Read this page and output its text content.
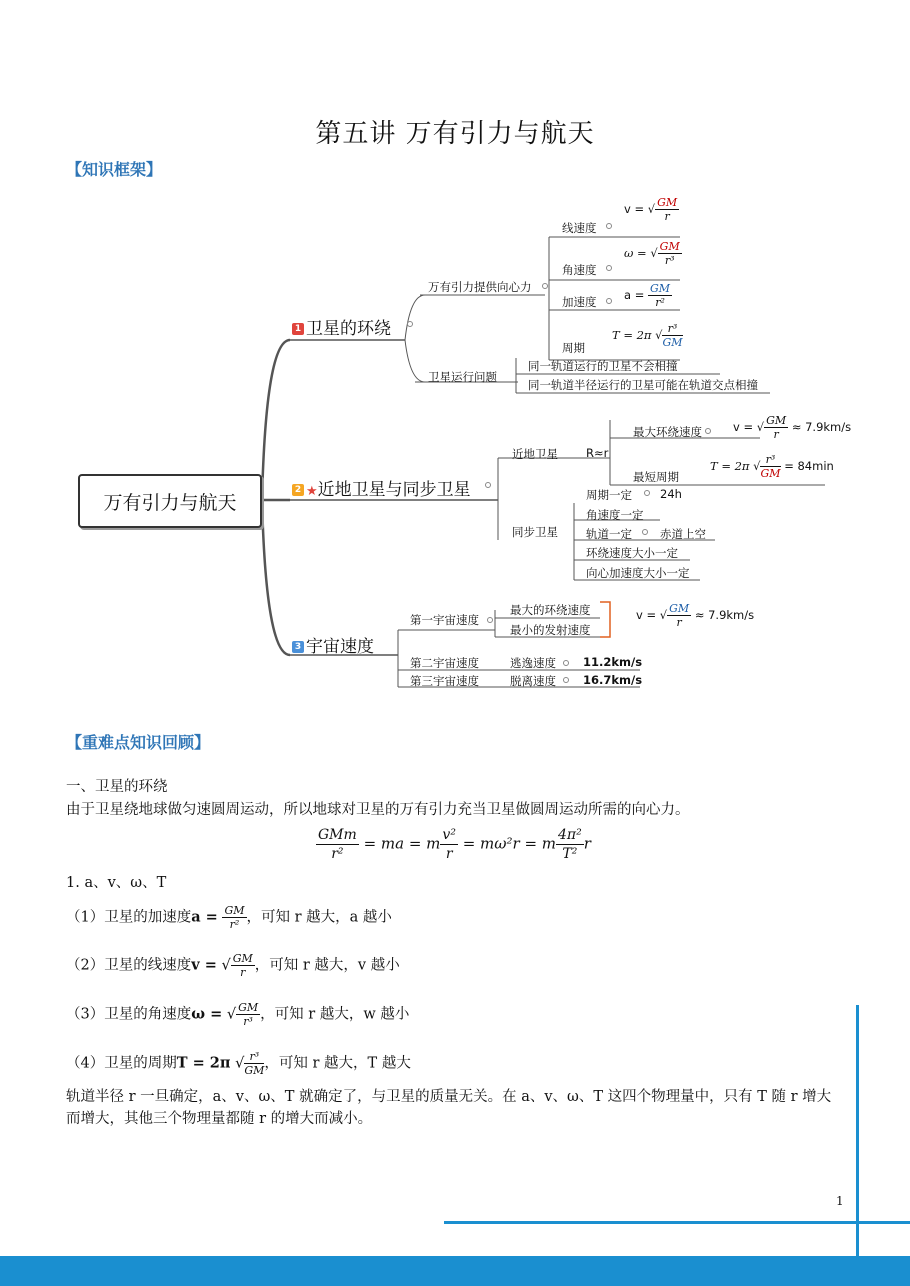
第五讲 万有引力与航天
【知识框架】
万有引力与航天
1 卫星的环绕
2 ★近地卫星与同步卫星
3 宇宙速度
万有引力提供向心力
线速度
角速度
加速度
周期
v = √ $\frac{GM}{r}$
ω = √ $\frac{GM}{\text{r³}}$
$a = \frac{GM}{\text{r²}}$
T = 2π √ $\frac{\text{r³}}{GM}$
卫星运行问题
同一轨道运行的卫星不会相撞
同一轨道半径运行的卫星可能在轨道交点相撞
近地卫星 R≈r
最大环绕速度	v = √ $\frac{GM}{r} \approx 7.9km/s$
最短周期
T = 2π √ $\frac{\text{r³}}{GM} = 84\min$
同步卫星
周期一定 24h
角速度一定
轨道一定 赤道上空
环绕速度大小一定
向心加速度大小一定
第一宇宙速度
最大的环绕速度
最小的发射速度
v = √ $\frac{GM}{r} \approx 7.9km/s$
第二宇宙速度	逃逸速度 11.2km/s
第三宇宙速度	脱离速度 16.7km/s
【重难点知识回顾】
一、卫星的环绕
由于卫星绕地球做匀速圆周运动，所以地球对卫星的万有引力充当卫星做圆周运动所需的向心力。
$\frac{\text{GMm}}{\text{r²}}$ = ma = m $\frac{\text{v²}}{r} = m\omega^2r = m \frac{\text{4π²}}{\text{T²}}$ r
1. a、v、ω、T
（1）卫星的加速度$a = \frac{GM}{\text{r²}}$ ，可知 r 越大，a 越小
（2）卫星的线速度v = √ $\frac{GM}{r}$ ，可知 r 越大，v 越小
（3）卫星的角速度ω = √ $\frac{GM}{\text{r³}}$ ，可知 r 越大，w 越小
（4）卫星的周期T = 2π √ $\frac{\text{r³}}{GM}$ ，可知 r 越大，T 越大
轨道半径 r 一旦确定，a、v、ω、T 就确定了，与卫星的质量无关。在 a、v、ω、T 这四个物理量中，只有 T 随 r 增大而增大，其他三个物理量都随 r 的增大而减小。
1
